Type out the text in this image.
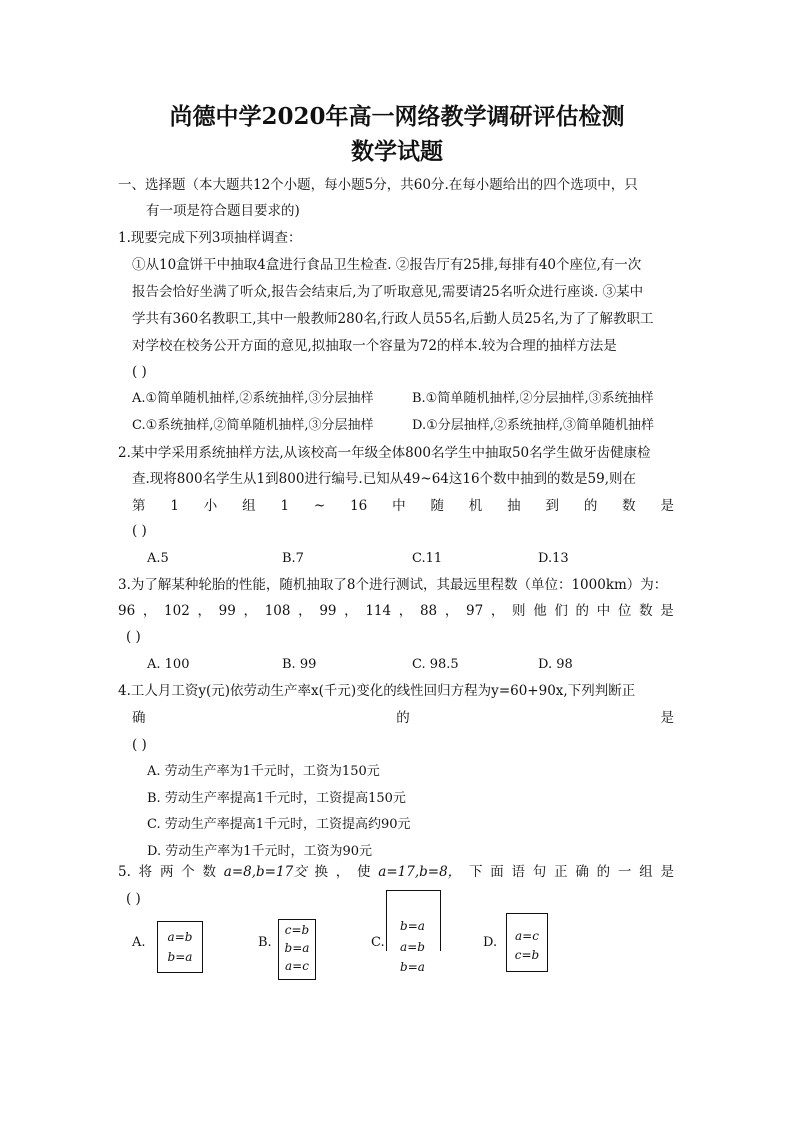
尚德中学2020年高一网络教学调研评估检测
数学试题
一、选择题（本大题共12个小题，每小题5分，共60分.在每小题给出的四个选项中，只
有一项是符合题目要求的)
1.现要完成下列3项抽样调查：
①从10盒饼干中抽取4盒进行食品卫生检查. ②报告厅有25排,每排有40个座位,有一次
报告会恰好坐满了听众,报告会结束后,为了听取意见,需要请25名听众进行座谈. ③某中
学共有360名教职工,其中一般教师280名,行政人员55名,后勤人员25名,为了了解教职工
对学校在校务公开方面的意见,拟抽取一个容量为72的样本.较为合理的抽样方法是
( )
A.①简单随机抽样,②系统抽样,③分层抽样	B.①简单随机抽样,②分层抽样,③系统抽样
C.①系统抽样,②简单随机抽样,③分层抽样	D.①分层抽样,②系统抽样,③简单随机抽样
2.某中学采用系统抽样方法,从该校高一年级全体800名学生中抽取50名学生做牙齿健康检
查.现将800名学生从1到800进行编号.已知从49~64这16个数中抽到的数是59,则在
第 1 小 组 1 ~ 16 中 随 机 抽 到 的 数 是
( )
A.5	B.7	C.11	D.13
3.为了解某种轮胎的性能，随机抽取了8个进行测试，其最远里程数（单位：1000km）为：
96 ， 102 ， 99 ， 108 ， 99 ， 114 ， 88 ， 97 ， 则 他 们 的 中 位 数 是
( )
A. 100	B. 99	C. 98.5	D. 98
4.工人月工资y(元)依劳动生产率x(千元)变化的线性回归方程为y=60+90x,下列判断正
确	的	是
( )
A. 劳动生产率为1千元时，工资为150元
B. 劳动生产率提高1千元时，工资提高150元
C. 劳动生产率提高1千元时，工资提高约90元
D. 劳动生产率为1千元时，工资为90元
5. 将 两 个 数 a=8,b=17交 换 ， 使 a=17,b=8， 下 面 语 句 正 确 的 一 组 是
( )
A.	a=b
b=a
B.
c=b
b=a
a=c
C.
b=a
a=b
b=a
D.	a=c
c=b
